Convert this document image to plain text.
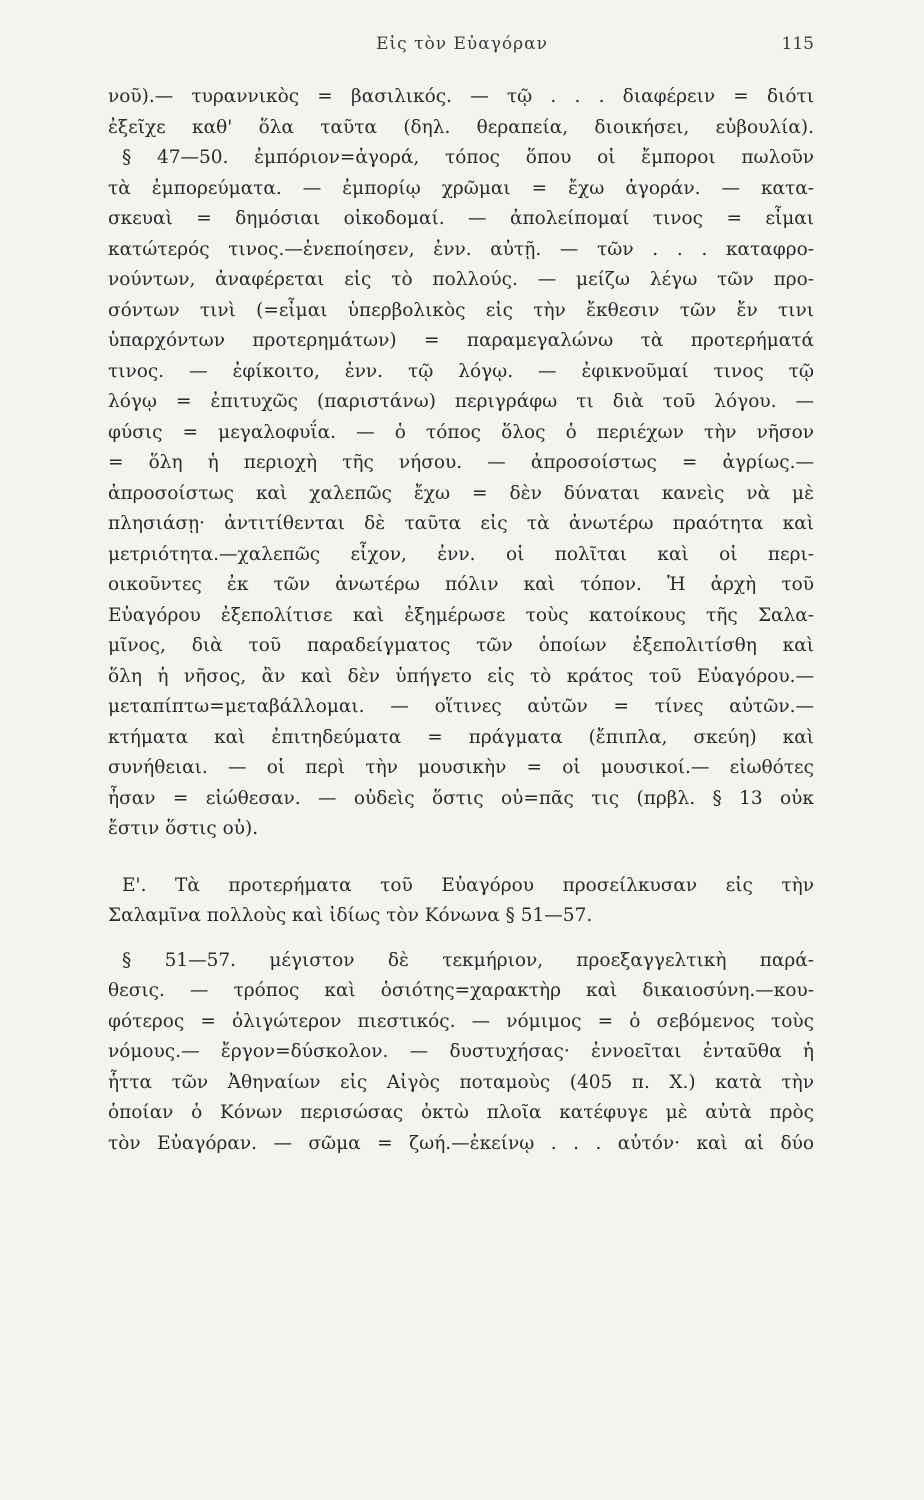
Εἰς τὸν Εὐαγόραν	115
νοῦ).— τυραννικὸς = βασιλικός. — τῷ . . . διαφέρειν = διότι
ἐξεῖχε καθ' ὅλα ταῦτα (δηλ. θεραπεία, διοικήσει, εὐβουλία).
§ 47—50. ἐμπόριον=ἀγορά, τόπος ὅπου οἱ ἔμποροι πωλοῦν
τὰ ἐμπορεύματα. — ἐμπορίῳ χρῶμαι = ἔχω ἀγοράν. — κατα-
σκευαὶ = δημόσιαι οἰκοδομαί. — ἀπολείπομαί τινος = εἶμαι
κατώτερός τινος.—ἐνεποίησεν, ἐνν. αὐτῇ. — τῶν . . . καταφρο-
νούντων, ἀναφέρεται εἰς τὸ πολλούς. — μείζω λέγω τῶν προ-
σόντων τινὶ (=εἶμαι ὑπερβολικὸς εἰς τὴν ἔκθεσιν τῶν ἔν τινι
ὑπαρχόντων προτερημάτων) = παραμεγαλώνω τὰ προτερήματά
τινος. — ἐφίκοιτο, ἐνν. τῷ λόγῳ. — ἐφικνοῦμαί τινος τῷ
λόγῳ = ἐπιτυχῶς (παριστάνω) περιγράφω τι διὰ τοῦ λόγου. —
φύσις = μεγαλοφυΐα. — ὁ τόπος ὅλος ὁ περιέχων τὴν νῆσον
= ὅλη ἡ περιοχὴ τῆς νήσου. — ἀπροσοίστως = ἀγρίως.—
ἀπροσοίστως καὶ χαλεπῶς ἔχω = δὲν δύναται κανεὶς νὰ μὲ
πλησιάσῃ· ἀντιτίθενται δὲ ταῦτα εἰς τὰ ἀνωτέρω πραότητα καὶ
μετριότητα.—χαλεπῶς εἶχον, ἐνν. οἱ πολῖται καὶ οἱ περι-
οικοῦντες ἐκ τῶν ἀνωτέρω πόλιν καὶ τόπον. Ἡ ἀρχὴ τοῦ
Εὐαγόρου ἐξεπολίτισε καὶ ἐξημέρωσε τοὺς κατοίκους τῆς Σαλα-
μῖνος, διὰ τοῦ παραδείγματος τῶν ὁποίων ἐξεπολιτίσθη καὶ
ὅλη ἡ νῆσος, ἂν καὶ δὲν ὑπήγετο εἰς τὸ κράτος τοῦ Εὐαγόρου.—
μεταπίπτω=μεταβάλλομαι. — οἵτινες αὐτῶν = τίνες αὐτῶν.—
κτήματα καὶ ἐπιτηδεύματα = πράγματα (ἔπιπλα, σκεύη) καὶ
συνήθειαι. — οἱ περὶ τὴν μουσικὴν = οἱ μουσικοί.— εἰωθότες
ἦσαν = εἰώθεσαν. — οὐδεὶς ὅστις οὐ=πᾶς τις (πρβλ. § 13 οὐκ
ἔστιν ὅστις οὐ).
Ε'. Τὰ προτερήματα τοῦ Εὐαγόρου προσείλκυσαν εἰς τὴν
Σαλαμῖνα πολλοὺς καὶ ἰδίως τὸν Κόνωνα § 51—57.
§ 51—57. μέγιστον δὲ τεκμήριον, προεξαγγελτικὴ παρά-
θεσις. — τρόπος καὶ ὁσιότης=χαρακτὴρ καὶ δικαιοσύνη.—κου-
φότερος = ὀλιγώτερον πιεστικός. — νόμιμος = ὁ σεβόμενος τοὺς
νόμους.— ἔργον=δύσκολον. — δυστυχήσας· ἐννοεῖται ἐνταῦθα ἡ
ἧττα τῶν Ἀθηναίων εἰς Αἰγὸς ποταμοὺς (405 π. Χ.) κατὰ τὴν
ὁποίαν ὁ Κόνων περισώσας ὀκτὼ πλοῖα κατέφυγε μὲ αὐτὰ πρὸς
τὸν Εὐαγόραν. — σῶμα = ζωή.—ἐκείνῳ . . . αὐτόν· καὶ αἱ δύο
